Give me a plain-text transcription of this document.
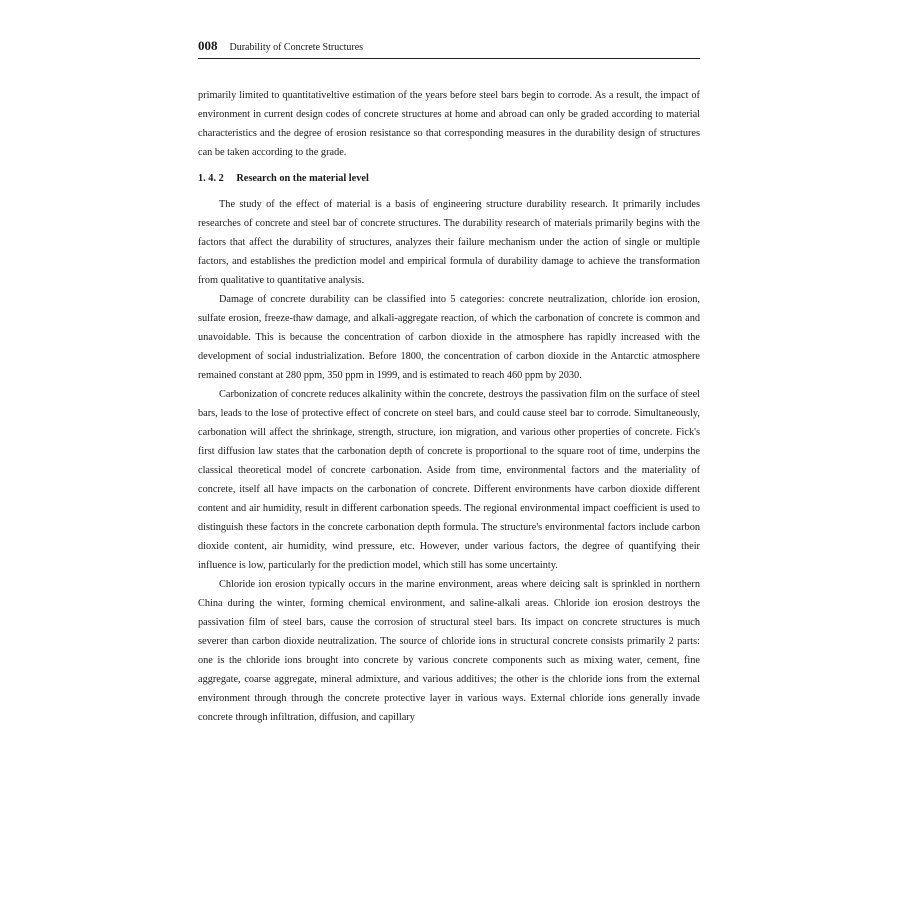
008 Durability of Concrete Structures

primarily limited to quantitativeltive estimation of the years before steel bars begin to corrode. As a result, the impact of environment in current design codes of concrete structures at home and abroad can only be graded according to material characteristics and the degree of erosion resistance so that corresponding measures in the durability design of structures can be taken according to the grade.

1. 4. 2 Research on the material level

The study of the effect of material is a basis of engineering structure durability research. It primarily includes researches of concrete and steel bar of concrete structures. The durability research of materials primarily begins with the factors that affect the durability of structures, analyzes their failure mechanism under the action of single or multiple factors, and establishes the prediction model and empirical formula of durability damage to achieve the transformation from qualitative to quantitative analysis.

Damage of concrete durability can be classified into 5 categories: concrete neutralization, chloride ion erosion, sulfate erosion, freeze-thaw damage, and alkali-aggregate reaction, of which the carbonation of concrete is common and unavoidable. This is because the concentration of carbon dioxide in the atmosphere has rapidly increased with the development of social industrialization. Before 1800, the concentration of carbon dioxide in the Antarctic atmosphere remained constant at 280 ppm, 350 ppm in 1999, and is estimated to reach 460 ppm by 2030.

Carbonization of concrete reduces alkalinity within the concrete, destroys the passivation film on the surface of steel bars, leads to the lose of protective effect of concrete on steel bars, and could cause steel bar to corrode. Simultaneously, carbonation will affect the shrinkage, strength, structure, ion migration, and various other properties of concrete. Fick's first diffusion law states that the carbonation depth of concrete is proportional to the square root of time, underpins the classical theoretical model of concrete carbonation. Aside from time, environmental factors and the materiality of concrete, itself all have impacts on the carbonation of concrete. Different environments have carbon dioxide different content and air humidity, result in different carbonation speeds. The regional environmental impact coefficient is used to distinguish these factors in the concrete carbonation depth formula. The structure's environmental factors include carbon dioxide content, air humidity, wind pressure, etc. However, under various factors, the degree of quantifying their influence is low, particularly for the prediction model, which still has some uncertainty.

Chloride ion erosion typically occurs in the marine environment, areas where deicing salt is sprinkled in northern China during the winter, forming chemical environment, and saline-alkali areas. Chloride ion erosion destroys the passivation film of steel bars, cause the corrosion of structural steel bars. Its impact on concrete structures is much severer than carbon dioxide neutralization. The source of chloride ions in structural concrete consists primarily 2 parts: one is the chloride ions brought into concrete by various concrete components such as mixing water, cement, fine aggregate, coarse aggregate, mineral admixture, and various additives; the other is the chloride ions from the external environment through through the concrete protective layer in various ways. External chloride ions generally invade concrete through infiltration, diffusion, and capillary
